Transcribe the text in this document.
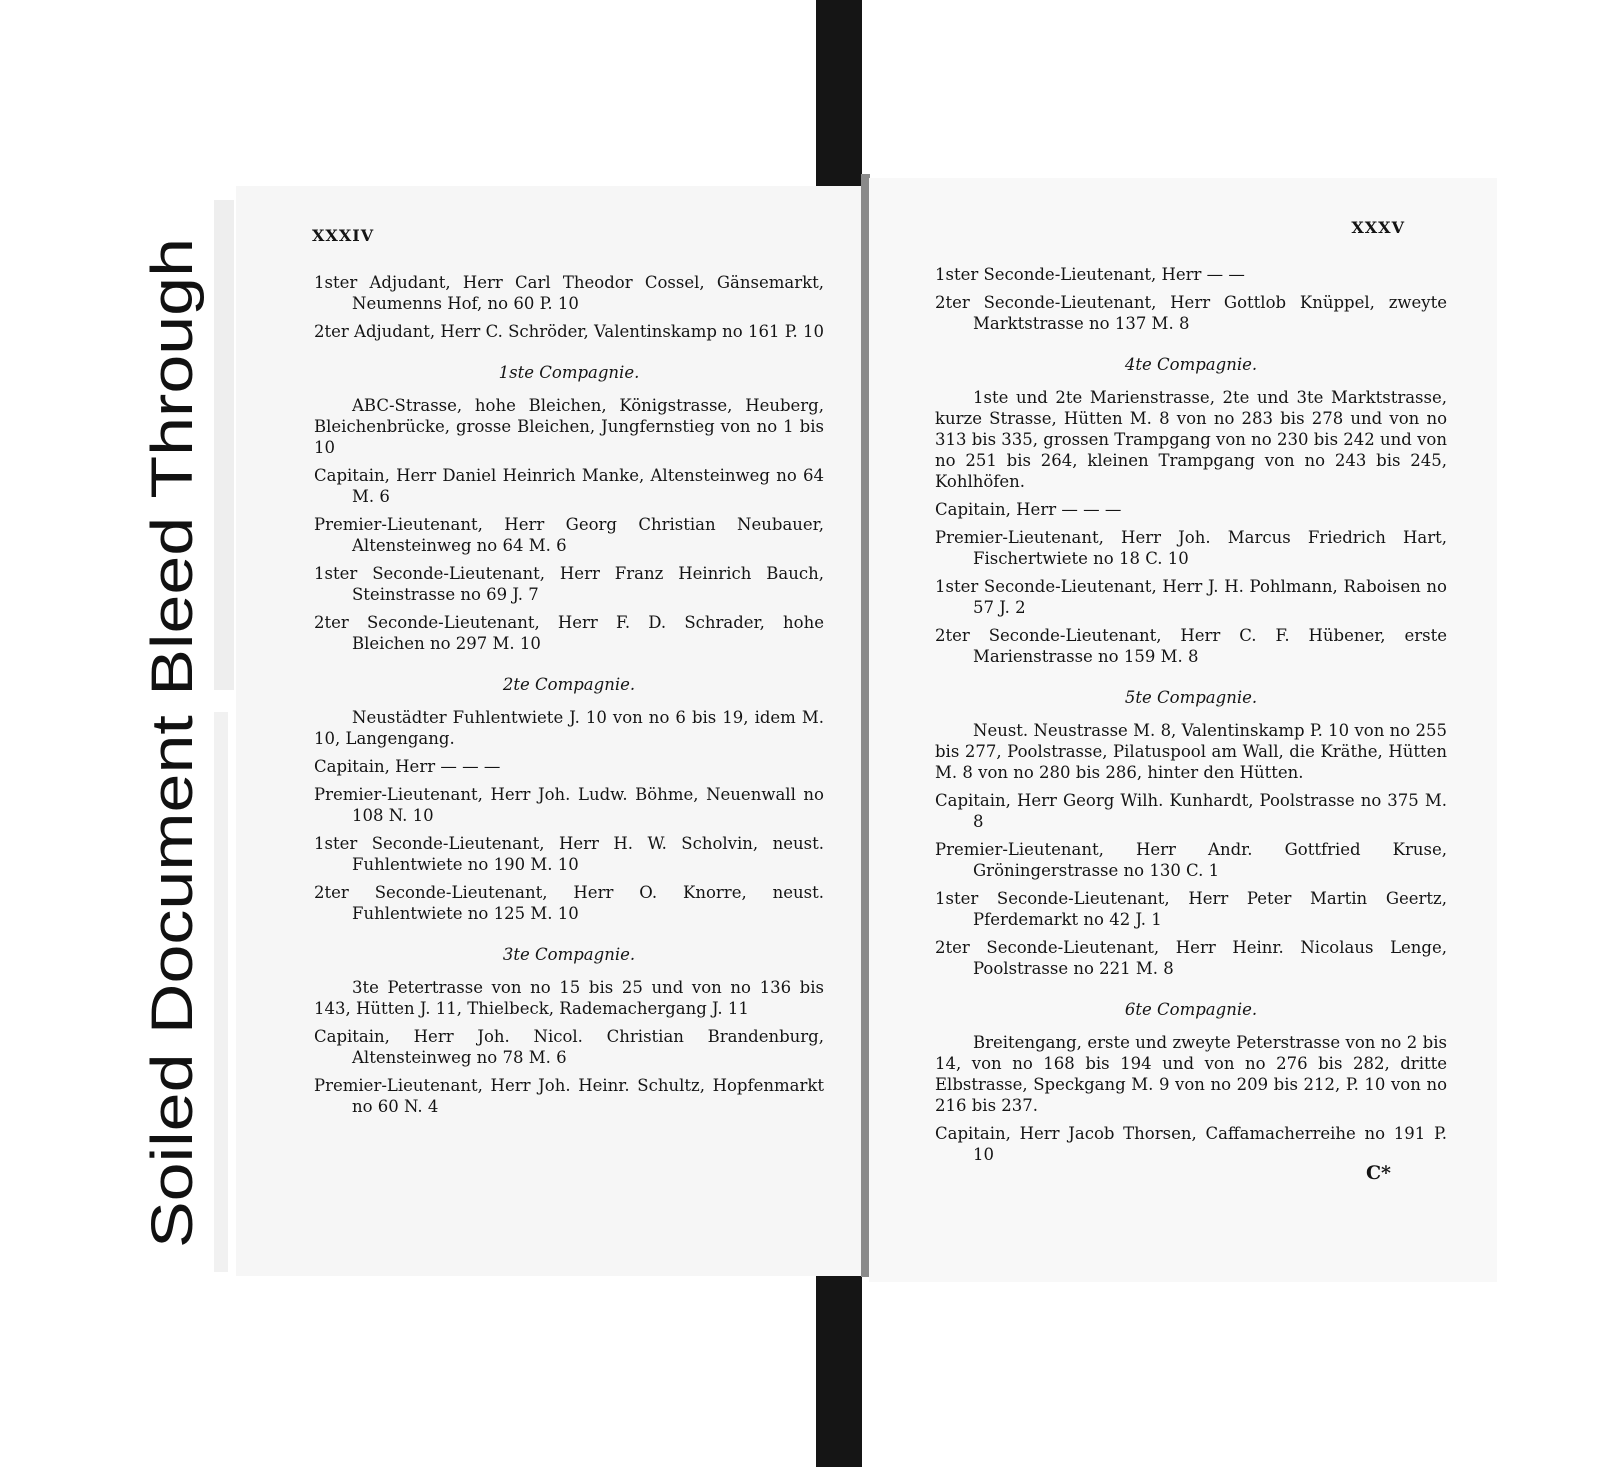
Soiled Document Bleed Through
XXXIV
1ster Adjudant, Herr Carl Theodor Cossel, Gänsemarkt, Neumenns Hof, no 60 P. 10
2ter Adjudant, Herr C. Schröder, Valentinskamp no 161 P. 10
1ste Compagnie.
ABC-Strasse, hohe Bleichen, Königstrasse, Heuberg, Bleichenbrücke, grosse Bleichen, Jungfernstieg von no 1 bis 10
Capitain, Herr Daniel Heinrich Manke, Altensteinweg no 64 M. 6
Premier-Lieutenant, Herr Georg Christian Neubauer, Altensteinweg no 64 M. 6
1ster Seconde-Lieutenant, Herr Franz Heinrich Bauch, Steinstrasse no 69 J. 7
2ter Seconde-Lieutenant, Herr F. D. Schrader, hohe Bleichen no 297 M. 10
2te Compagnie.
Neustädter Fuhlentwiete J. 10 von no 6 bis 19, idem M. 10, Langengang.
Capitain, Herr — — —
Premier-Lieutenant, Herr Joh. Ludw. Böhme, Neuenwall no 108 N. 10
1ster Seconde-Lieutenant, Herr H. W. Scholvin, neust. Fuhlentwiete no 190 M. 10
2ter Seconde-Lieutenant, Herr O. Knorre, neust. Fuhlentwiete no 125 M. 10
3te Compagnie.
3te Petertrasse von no 15 bis 25 und von no 136 bis 143, Hütten J. 11, Thielbeck, Rademachergang J. 11
Capitain, Herr Joh. Nicol. Christian Brandenburg, Altensteinweg no 78 M. 6
Premier-Lieutenant, Herr Joh. Heinr. Schultz, Hopfenmarkt no 60 N. 4
XXXV
1ster Seconde-Lieutenant, Herr — —
2ter Seconde-Lieutenant, Herr Gottlob Knüppel, zweyte Marktstrasse no 137 M. 8
4te Compagnie.
1ste und 2te Marienstrasse, 2te und 3te Marktstrasse, kurze Strasse, Hütten M. 8 von no 283 bis 278 und von no 313 bis 335, grossen Trampgang von no 230 bis 242 und von no 251 bis 264, kleinen Trampgang von no 243 bis 245, Kohlhöfen.
Capitain, Herr — — —
Premier-Lieutenant, Herr Joh. Marcus Friedrich Hart, Fischertwiete no 18 C. 10
1ster Seconde-Lieutenant, Herr J. H. Pohlmann, Raboisen no 57 J. 2
2ter Seconde-Lieutenant, Herr C. F. Hübener, erste Marienstrasse no 159 M. 8
5te Compagnie.
Neust. Neustrasse M. 8, Valentinskamp P. 10 von no 255 bis 277, Poolstrasse, Pilatuspool am Wall, die Kräthe, Hütten M. 8 von no 280 bis 286, hinter den Hütten.
Capitain, Herr Georg Wilh. Kunhardt, Poolstrasse no 375 M. 8
Premier-Lieutenant, Herr Andr. Gottfried Kruse, Gröningerstrasse no 130 C. 1
1ster Seconde-Lieutenant, Herr Peter Martin Geertz, Pferdemarkt no 42 J. 1
2ter Seconde-Lieutenant, Herr Heinr. Nicolaus Lenge, Poolstrasse no 221 M. 8
6te Compagnie.
Breitengang, erste und zweyte Peterstrasse von no 2 bis 14, von no 168 bis 194 und von no 276 bis 282, dritte Elbstrasse, Speckgang M. 9 von no 209 bis 212, P. 10 von no 216 bis 237.
Capitain, Herr Jacob Thorsen, Caffamacherreihe no 191 P. 10
C*
